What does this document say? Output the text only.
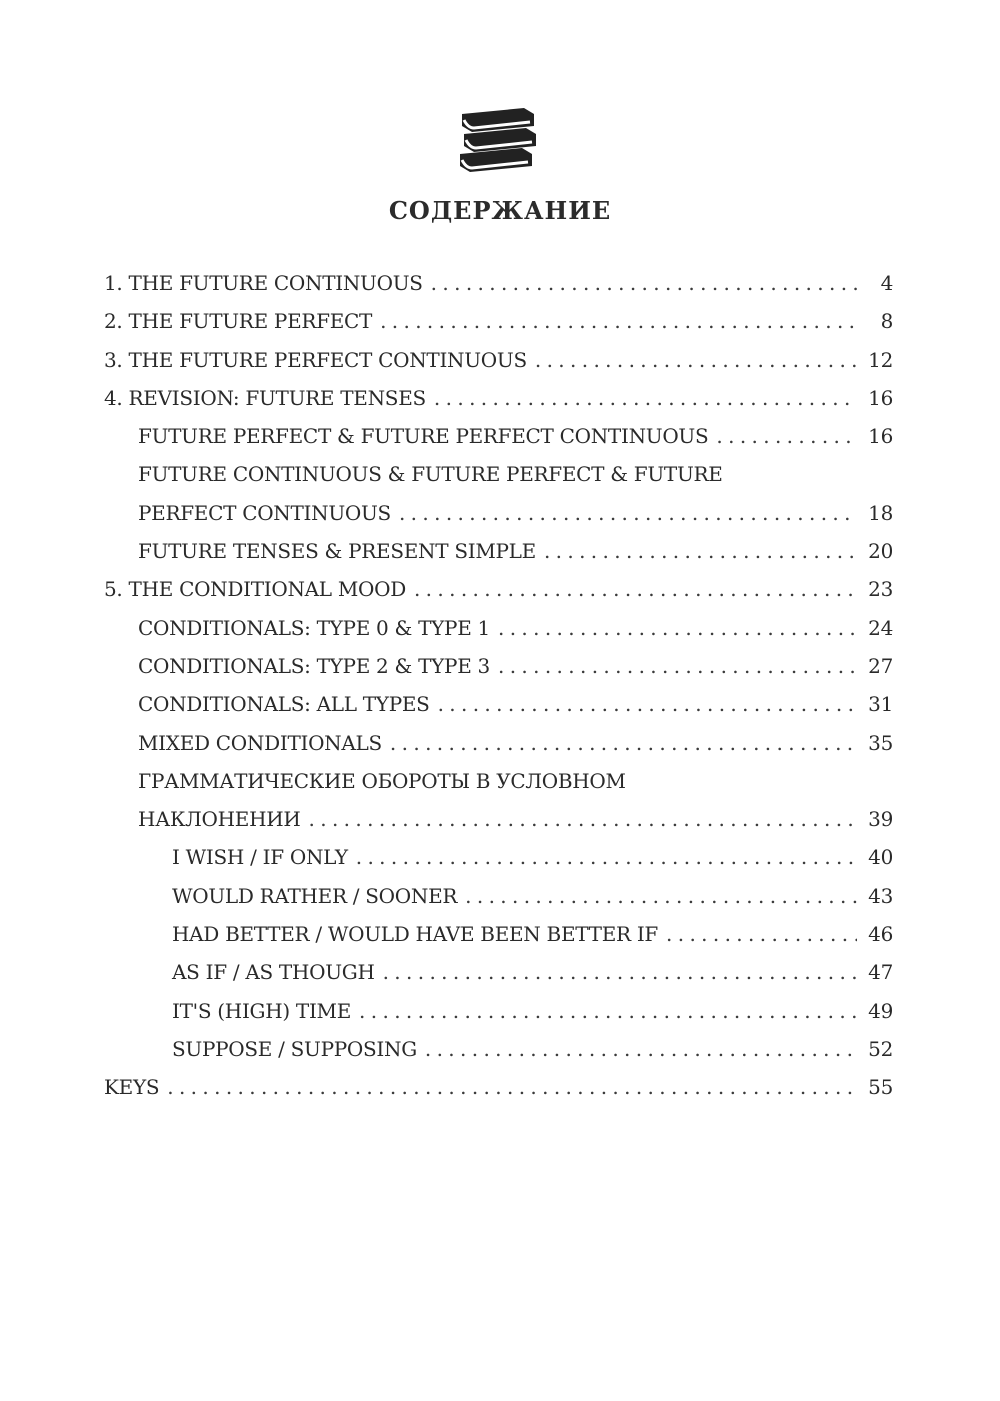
СОДЕРЖАНИЕ
1. THE FUTURE CONTINUOUS . . .	4
2. THE FUTURE PERFECT . . .	8
3. THE FUTURE PERFECT CONTINUOUS . . .	12
4. REVISION: FUTURE TENSES . . .	16
FUTURE PERFECT & FUTURE PERFECT CONTINUOUS . . .	16
FUTURE CONTINUOUS & FUTURE PERFECT & FUTURE
PERFECT CONTINUOUS . . .	18
FUTURE TENSES & PRESENT SIMPLE . . .	20
5. THE CONDITIONAL MOOD . . .	23
CONDITIONALS: TYPE 0 & TYPE 1 . . .	24
CONDITIONALS: TYPE 2 & TYPE 3 . . .	27
CONDITIONALS: ALL TYPES . . .	31
MIXED CONDITIONALS . . .	35
ГРАММАТИЧЕСКИЕ ОБОРОТЫ В УСЛОВНОМ
НАКЛОНЕНИИ . . .	39
I WISH / IF ONLY . . .	40
WOULD RATHER / SOONER . . .	43
HAD BETTER / WOULD HAVE BEEN BETTER IF . . .	46
AS IF / AS THOUGH . . .	47
IT'S (HIGH) TIME . . .	49
SUPPOSE / SUPPOSING . . .	52
KEYS . . .	55
